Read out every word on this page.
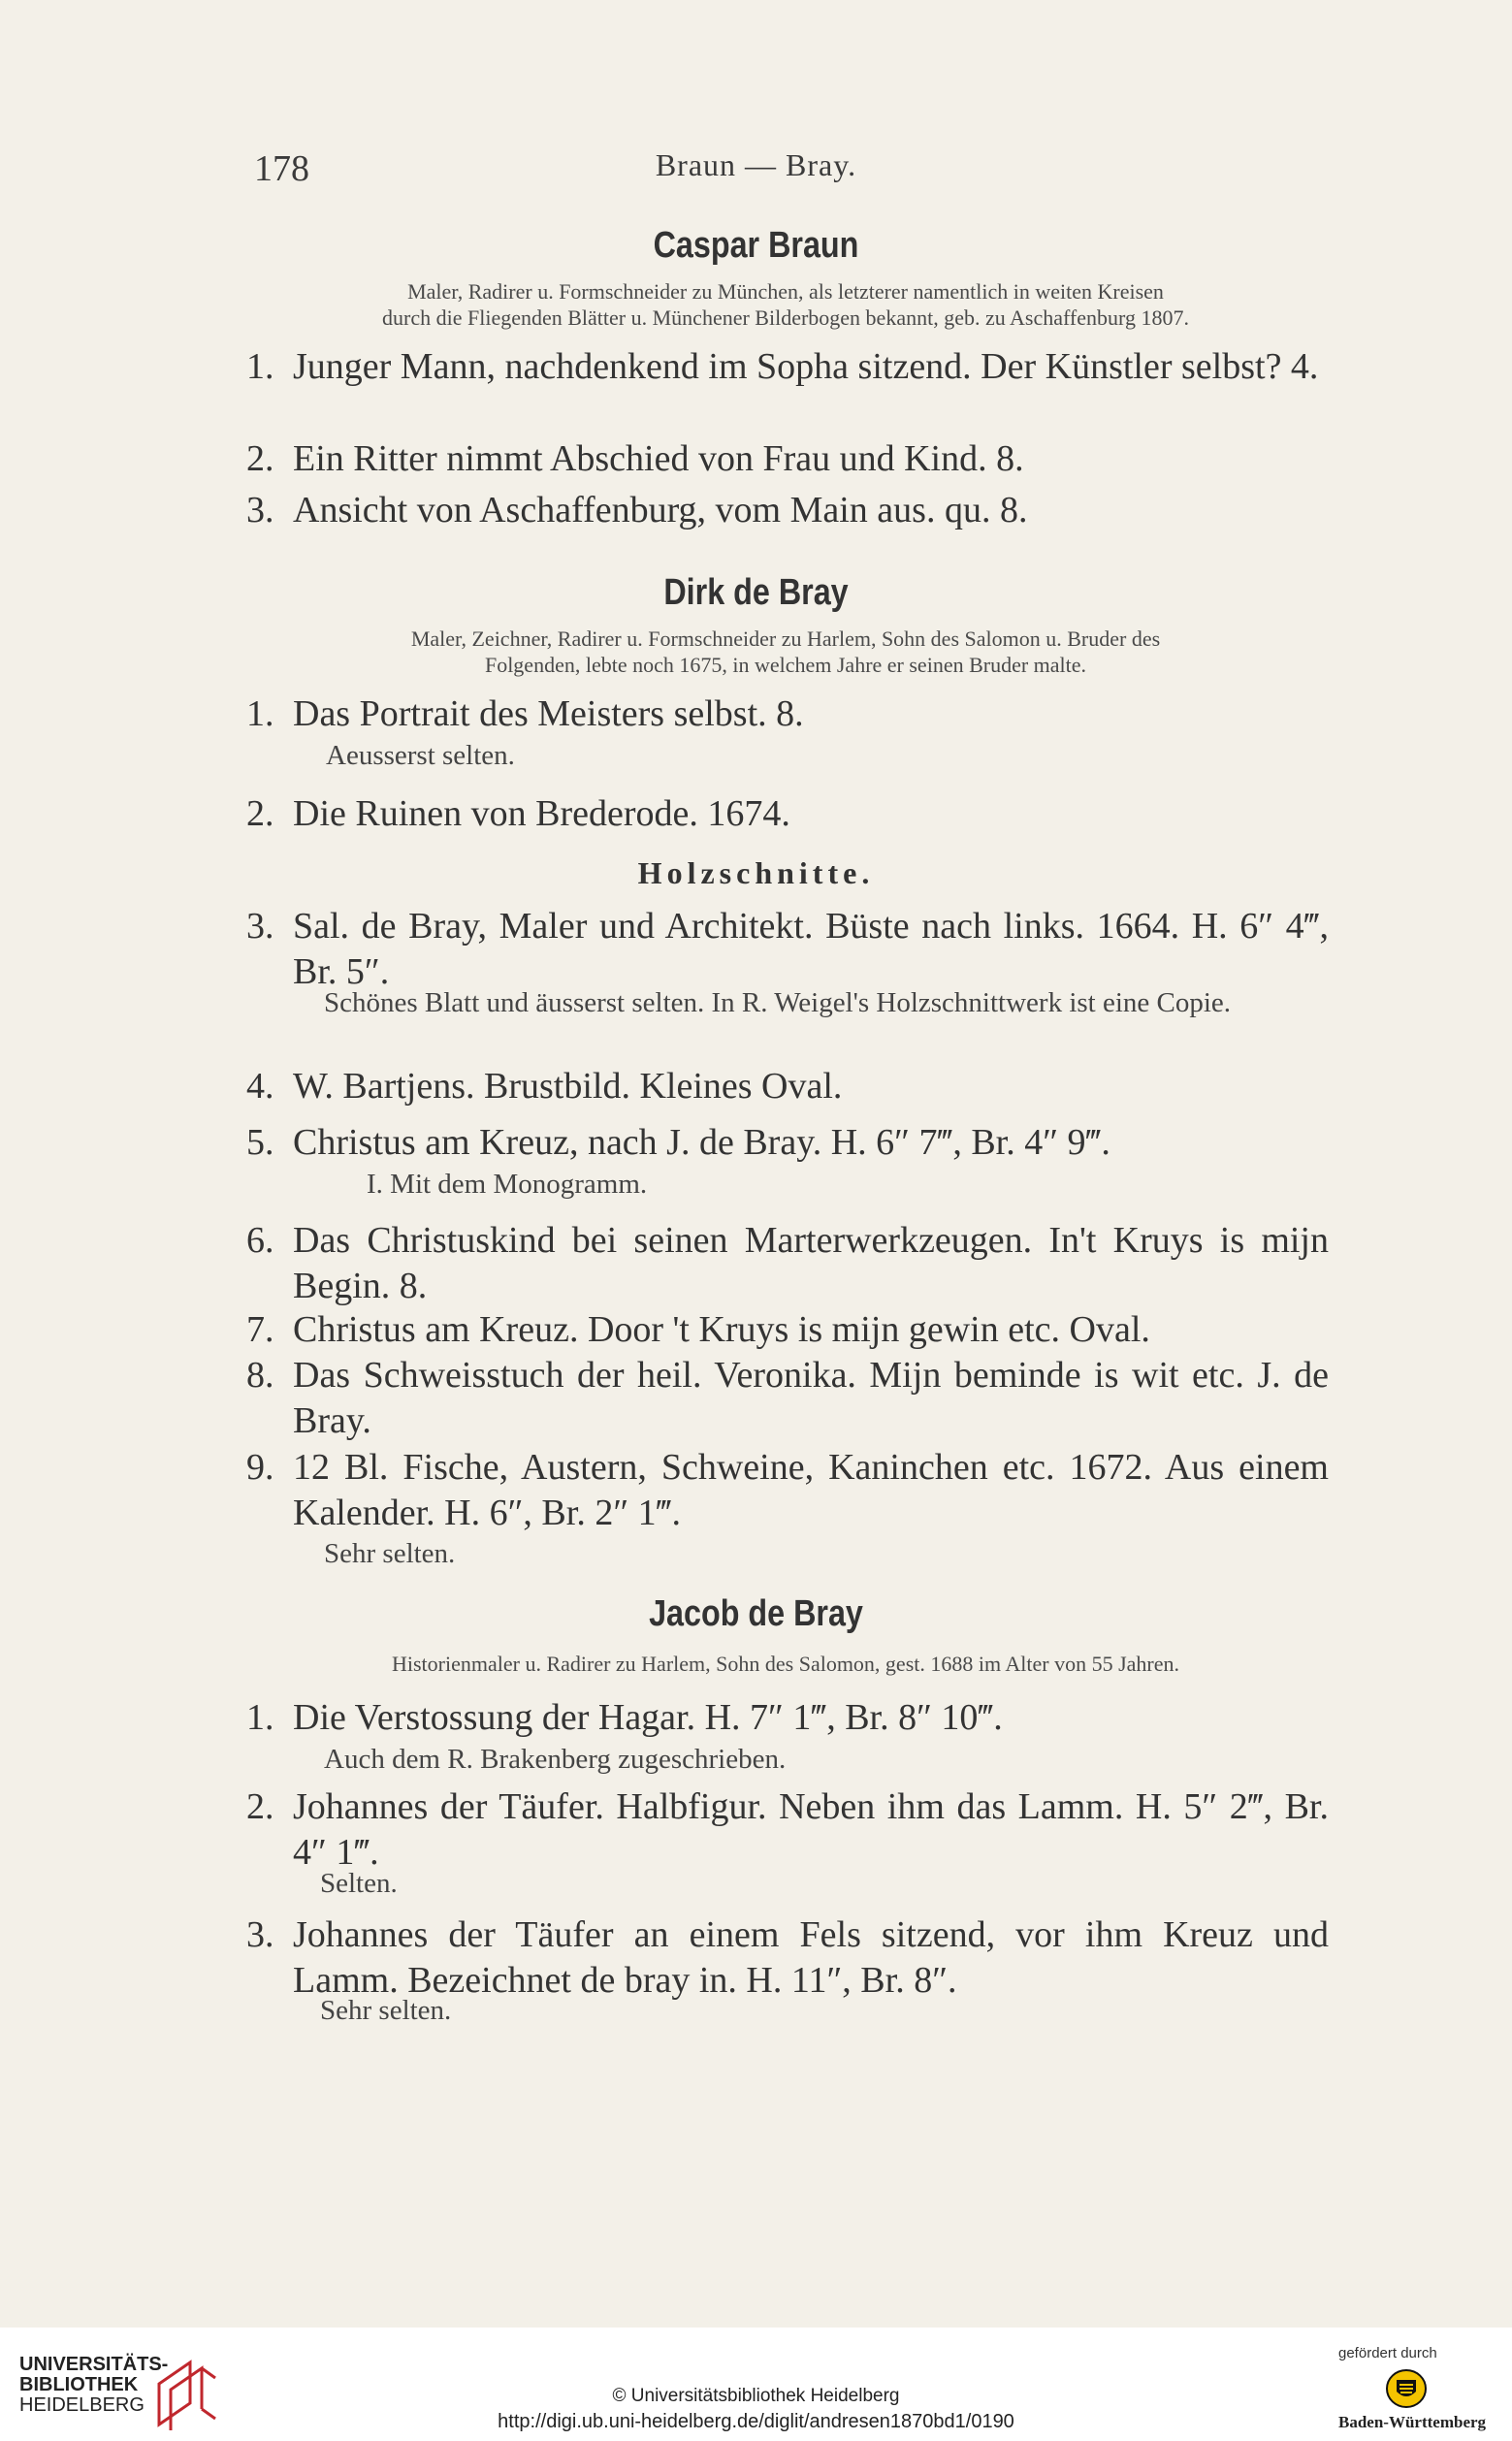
178	Braun — Bray.
Caspar Braun
Maler, Radirer u. Formschneider zu München, als letzterer namentlich in weiten Kreisen
durch die Fliegenden Blätter u. Münchener Bilderbogen bekannt, geb. zu Aschaffenburg 1807.
1. Junger Mann, nachdenkend im Sopha sitzend. Der Künstler selbst? 4.
2. Ein Ritter nimmt Abschied von Frau und Kind. 8.
3. Ansicht von Aschaffenburg, vom Main aus. qu. 8.
Dirk de Bray
Maler, Zeichner, Radirer u. Formschneider zu Harlem, Sohn des Salomon u. Bruder des
Folgenden, lebte noch 1675, in welchem Jahre er seinen Bruder malte.
1. Das Portrait des Meisters selbst. 8.
Aeusserst selten.
2. Die Ruinen von Brederode. 1674.
Holzschnitte.
3. Sal. de Bray, Maler und Architekt. Büste nach links. 1664. H. 6″ 4‴, Br. 5″.
Schönes Blatt und äusserst selten. In R. Weigel's Holzschnittwerk ist eine Copie.
4. W. Bartjens. Brustbild. Kleines Oval.
5. Christus am Kreuz, nach J. de Bray. H. 6″ 7‴, Br. 4″ 9‴.
I. Mit dem Monogramm.
6. Das Christuskind bei seinen Marterwerkzeugen. In't Kruys is mijn Begin. 8.
7. Christus am Kreuz. Door 't Kruys is mijn gewin etc. Oval.
8. Das Schweisstuch der heil. Veronika. Mijn beminde is wit etc. J. de Bray.
9. 12 Bl. Fische, Austern, Schweine, Kaninchen etc. 1672. Aus einem Kalender. H. 6″, Br. 2″ 1‴.
Sehr selten.
Jacob de Bray
Historienmaler u. Radirer zu Harlem, Sohn des Salomon, gest. 1688 im Alter von 55 Jahren.
1. Die Verstossung der Hagar. H. 7″ 1‴, Br. 8″ 10‴.
Auch dem R. Brakenberg zugeschrieben.
2. Johannes der Täufer. Halbfigur. Neben ihm das Lamm. H. 5″ 2‴, Br. 4″ 1‴.
Selten.
3. Johannes der Täufer an einem Fels sitzend, vor ihm Kreuz und Lamm. Bezeichnet de bray in. H. 11″, Br. 8″.
Sehr selten.
UNIVERSITÄTS-
BIBLIOTHEK
HEIDELBERG	© Universitätsbibliothek Heidelberg
http://digi.ub.uni-heidelberg.de/diglit/andresen1870bd1/0190
gefördert durch
Baden-Württemberg
